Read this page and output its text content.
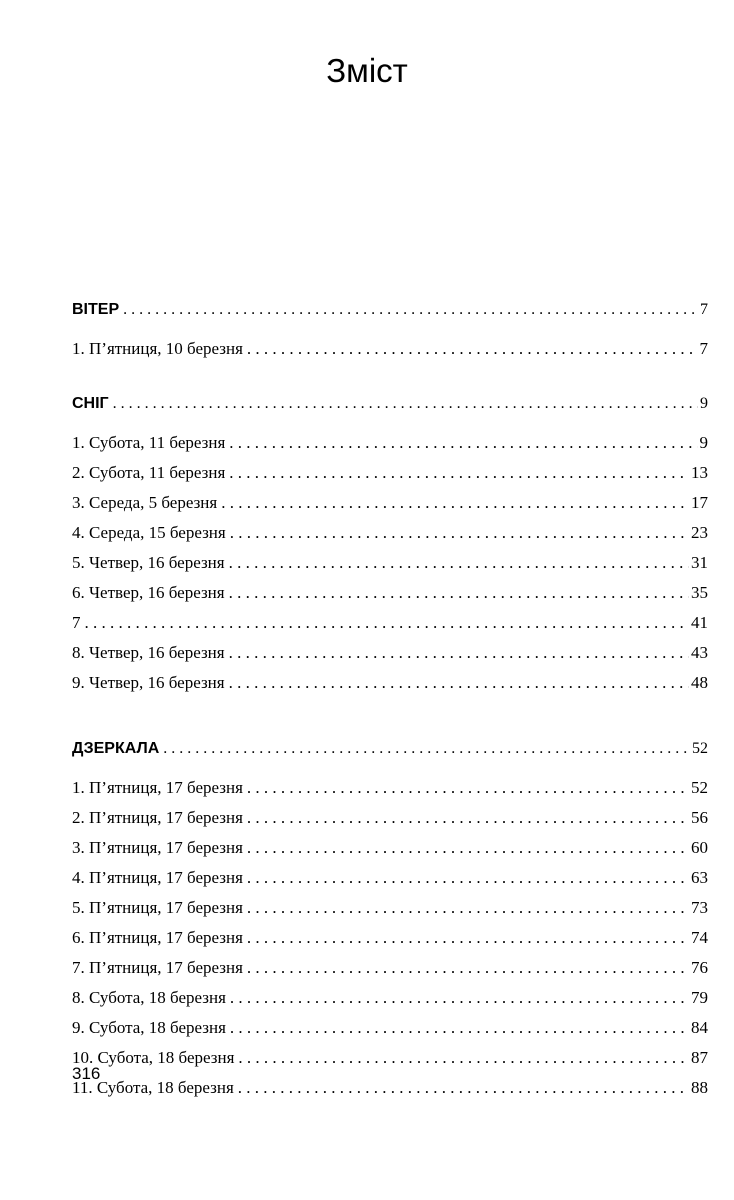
Зміст
ВІТЕР . . .	7
1. П’ятниця, 10 березня . . .	7
СНІГ . . .	9
1. Субота, 11 березня . . .	9
2. Субота, 11 березня . . .	13
3. Середа, 5 березня . . .	17
4. Середа, 15 березня . . .	23
5. Четвер, 16 березня . . .	31
6. Четвер, 16 березня . . .	35
7 . . .	41
8. Четвер, 16 березня . . .	43
9. Четвер, 16 березня . . .	48
ДЗЕРКАЛА . . .	52
1. П’ятниця, 17 березня . . .	52
2. П’ятниця, 17 березня . . .	56
3. П’ятниця, 17 березня . . .	60
4. П’ятниця, 17 березня . . .	63
5. П’ятниця, 17 березня . . .	73
6. П’ятниця, 17 березня . . .	74
7. П’ятниця, 17 березня . . .	76
8. Субота, 18 березня . . .	79
9. Субота, 18 березня . . .	84
10. Субота, 18 березня . . .	87
11. Субота, 18 березня . . .	88
316
